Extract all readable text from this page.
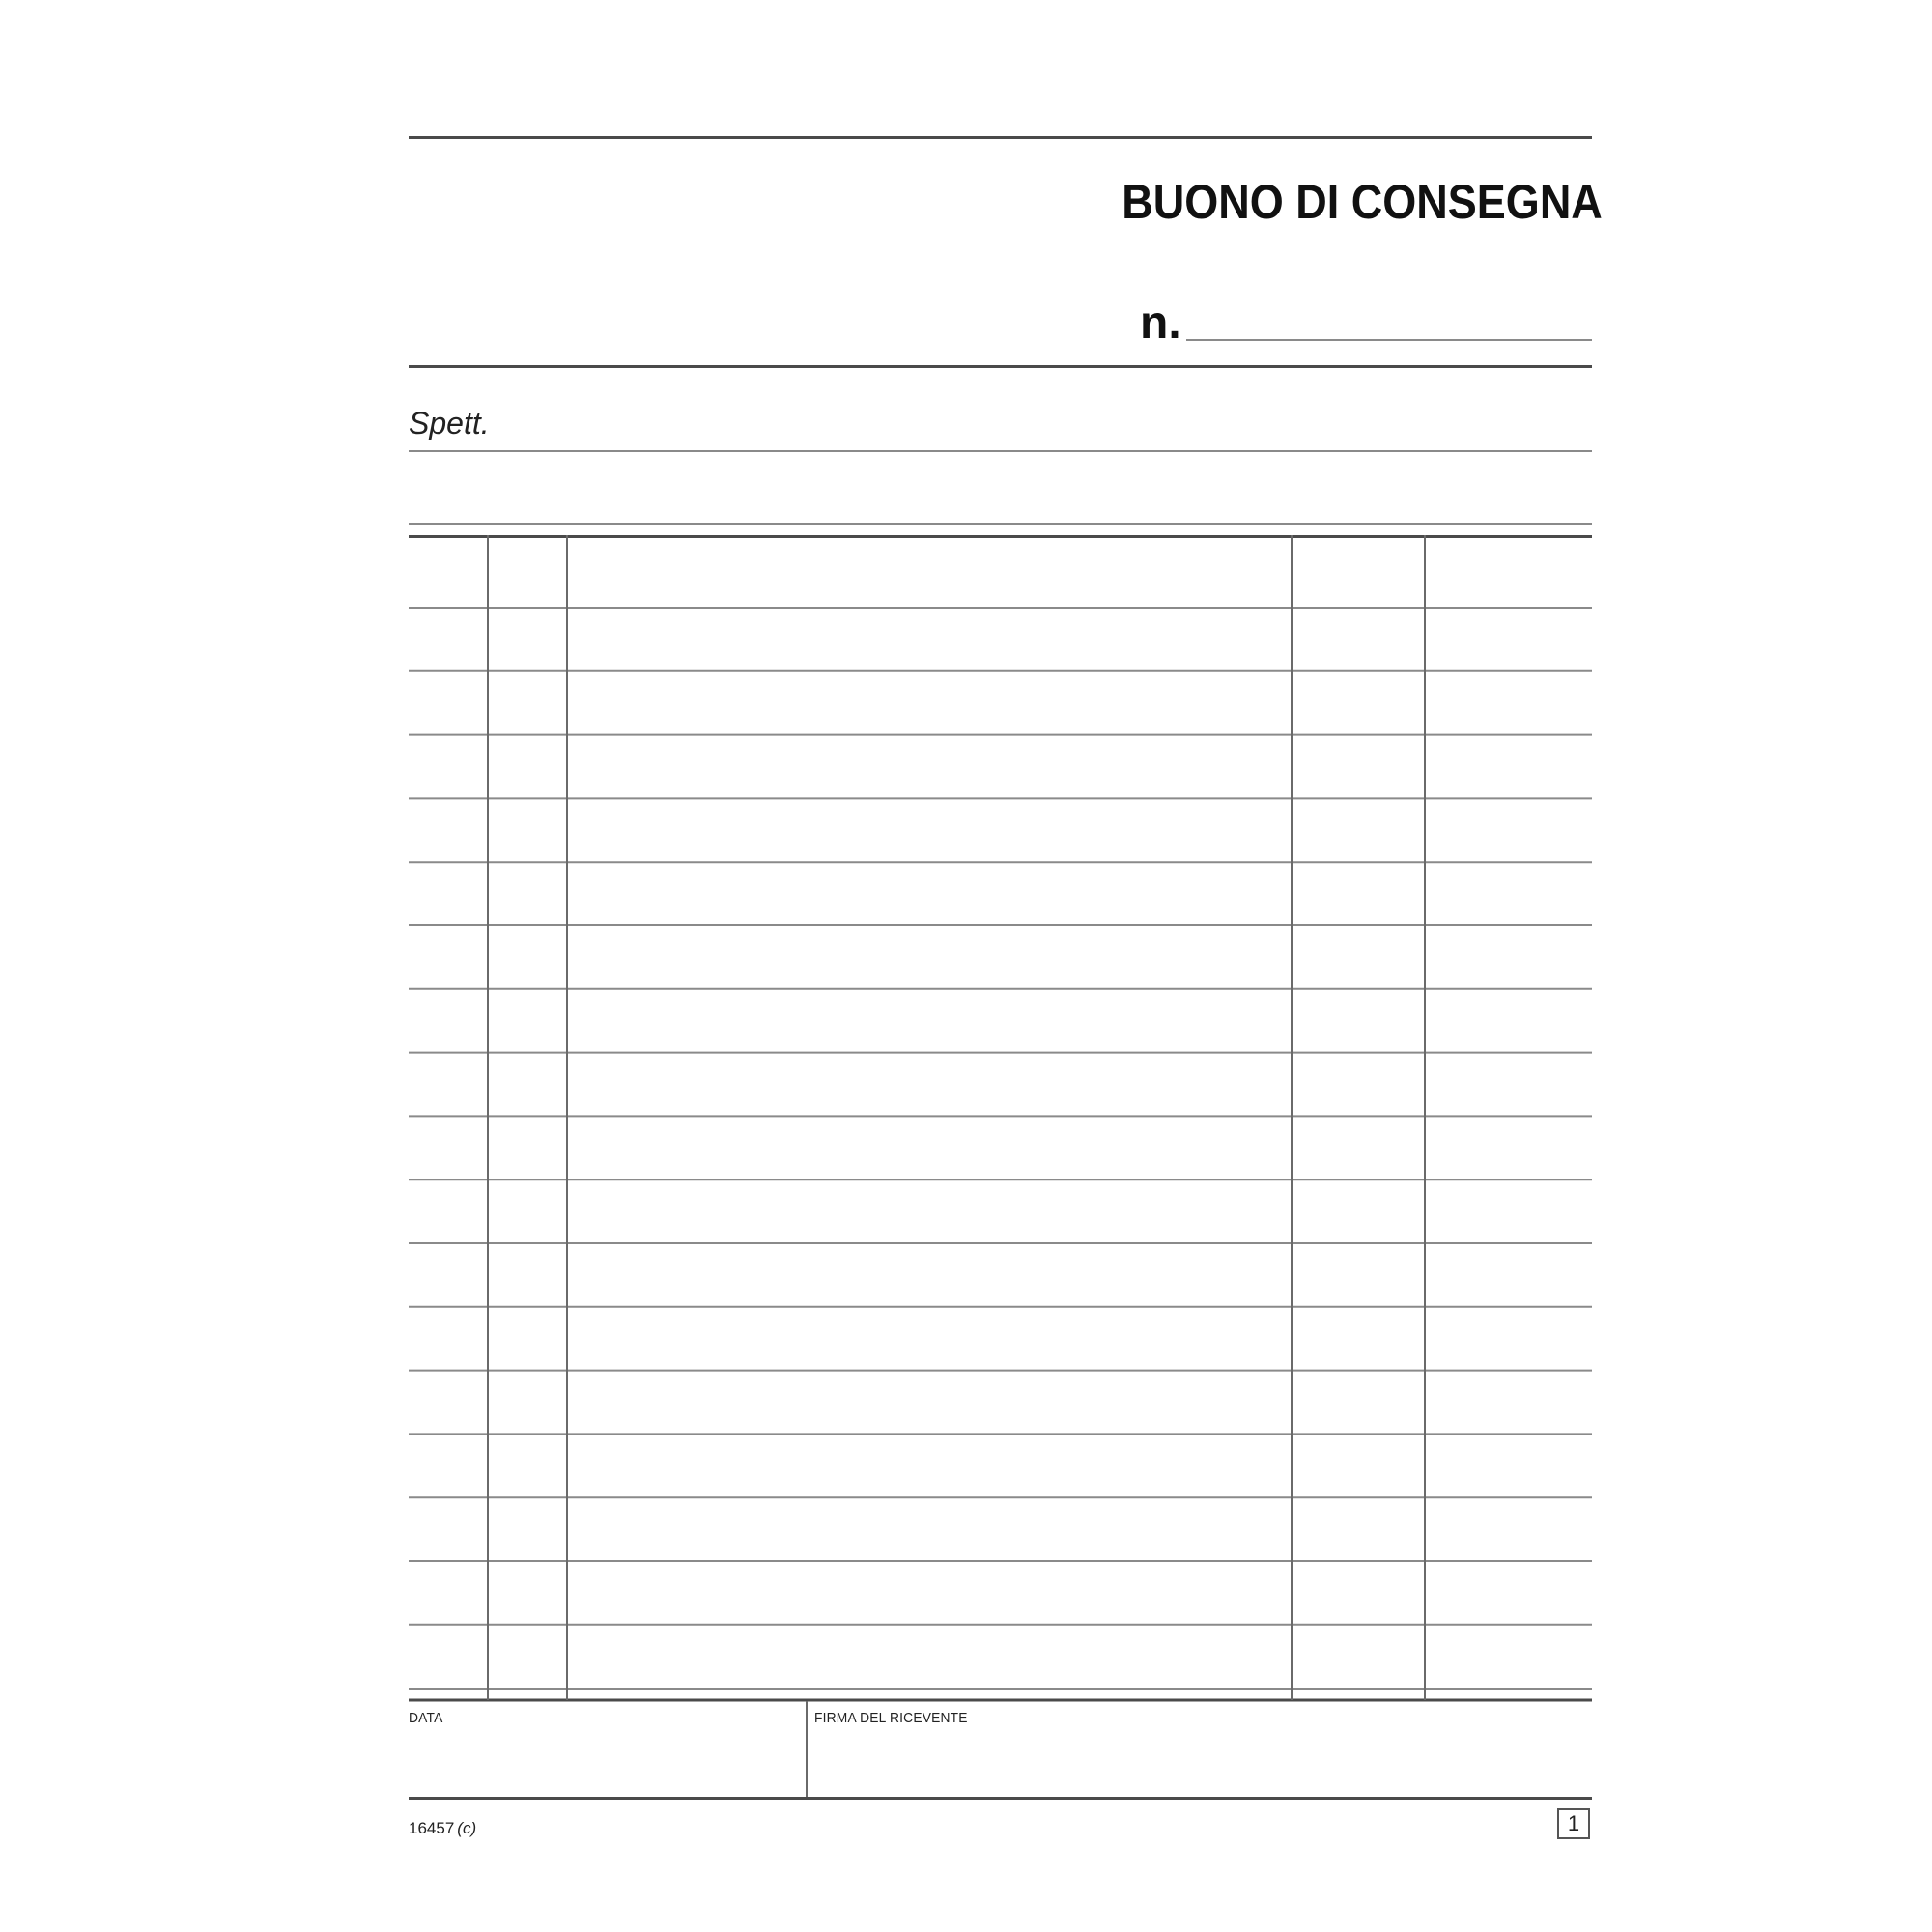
BUONO DI CONSEGNA
n.
Spett.
DATA	FIRMA DEL RICEVENTE
16457 (c)	1
